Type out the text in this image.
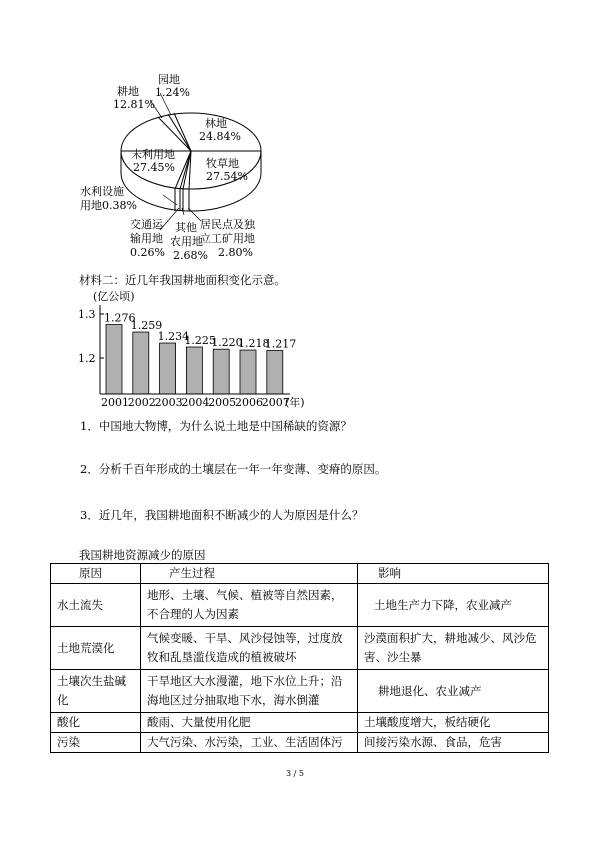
耕地
12.81%
园地
1.24%
林地
24.84%
牧草地
27.54%
未利用地
27.45%
水利设施
用地0.38%
交通运
输用地
0.26%
其他
农用地
2.68%
居民点及独
立工矿用地
2.80%
材料二：近几年我国耕地面积变化示意。
(亿公顷)
1.276
1.259
1.234
1.225
1.220
1.218
1.217
2001
2002
2003
2004
2005
2006
2007
1.3
1.2
(年)
1．中国地大物博，为什么说土地是中国稀缺的资源？
2．分析千百年形成的土壤层在一年一年变薄、变瘠的原因。
3．近几年，我国耕地面积不断减少的人为原因是什么？
我国耕地资源减少的原因
原因	产生过程	影响
水土流失	地形、土壤、气候、植被等自然因素，不合理的人为因素	土地生产力下降，农业减产
土地荒漠化	气候变暖、干旱、风沙侵蚀等，过度放牧和乱垦滥伐造成的植被破坏	沙漠面积扩大，耕地减少、风沙危害、沙尘暴
土壤次生盐碱化	干旱地区大水漫灌，地下水位上升；沿海地区过分抽取地下水，海水倒灌	耕地退化、农业减产
酸化	酸雨、大量使用化肥	土壤酸度增大，板结硬化
污染	大气污染、水污染，工业、生活固体污	间接污染水源、食品，危害
3 / 5
